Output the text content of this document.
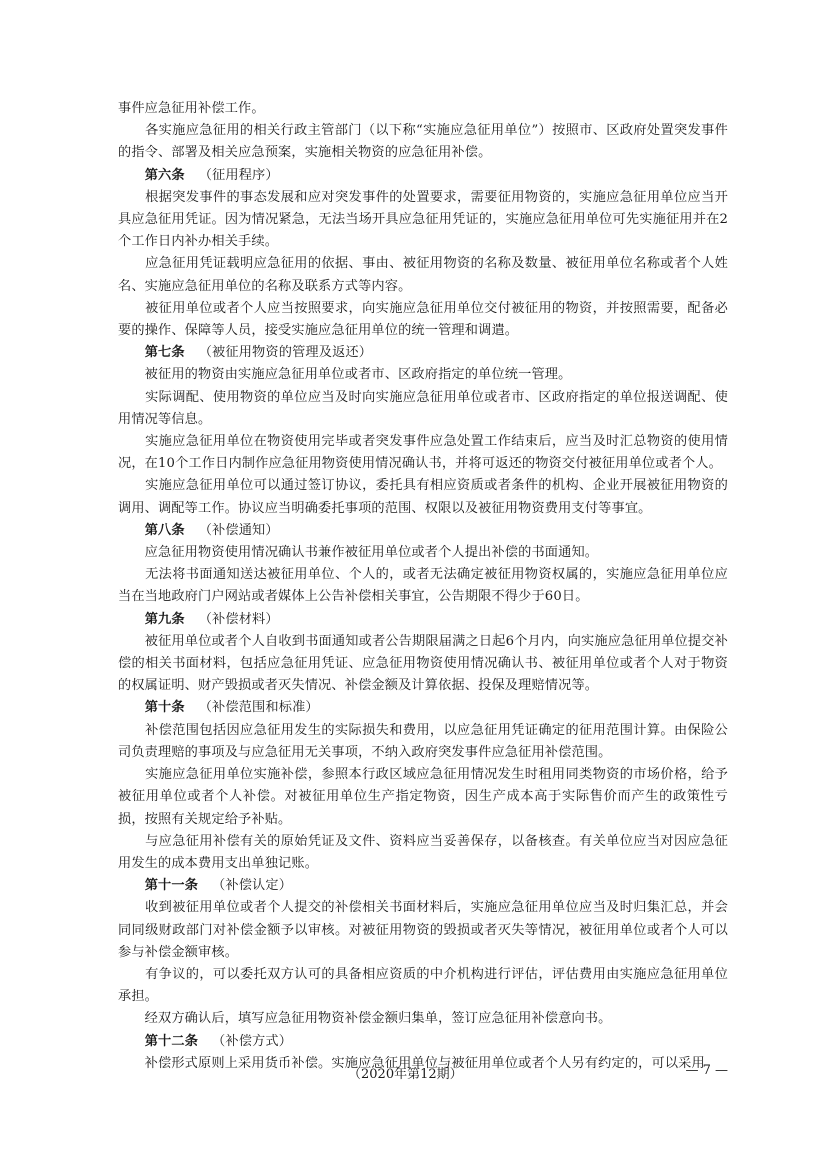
事件应急征用补偿工作。

　　各实施应急征用的相关行政主管部门（以下称“实施应急征用单位”）按照市、区政府处置突发事件的指令、部署及相关应急预案，实施相关物资的应急征用补偿。

　　第六条 （征用程序）

　　根据突发事件的事态发展和应对突发事件的处置要求，需要征用物资的，实施应急征用单位应当开具应急征用凭证。因为情况紧急，无法当场开具应急征用凭证的，实施应急征用单位可先实施征用并在2个工作日内补办相关手续。

　　应急征用凭证载明应急征用的依据、事由、被征用物资的名称及数量、被征用单位名称或者个人姓名、实施应急征用单位的名称及联系方式等内容。

　　被征用单位或者个人应当按照要求，向实施应急征用单位交付被征用的物资，并按照需要，配备必要的操作、保障等人员，接受实施应急征用单位的统一管理和调遣。

　　第七条 （被征用物资的管理及返还）

　　被征用的物资由实施应急征用单位或者市、区政府指定的单位统一管理。

　　实际调配、使用物资的单位应当及时向实施应急征用单位或者市、区政府指定的单位报送调配、使用情况等信息。

　　实施应急征用单位在物资使用完毕或者突发事件应急处置工作结束后，应当及时汇总物资的使用情况，在10个工作日内制作应急征用物资使用情况确认书，并将可返还的物资交付被征用单位或者个人。

　　实施应急征用单位可以通过签订协议，委托具有相应资质或者条件的机构、企业开展被征用物资的调用、调配等工作。协议应当明确委托事项的范围、权限以及被征用物资费用支付等事宜。

　　第八条 （补偿通知）

　　应急征用物资使用情况确认书兼作被征用单位或者个人提出补偿的书面通知。

　　无法将书面通知送达被征用单位、个人的，或者无法确定被征用物资权属的，实施应急征用单位应当在当地政府门户网站或者媒体上公告补偿相关事宜，公告期限不得少于60日。

　　第九条 （补偿材料）

　　被征用单位或者个人自收到书面通知或者公告期限届满之日起6个月内，向实施应急征用单位提交补偿的相关书面材料，包括应急征用凭证、应急征用物资使用情况确认书、被征用单位或者个人对于物资的权属证明、财产毁损或者灭失情况、补偿金额及计算依据、投保及理赔情况等。

　　第十条 （补偿范围和标准）

　　补偿范围包括因应急征用发生的实际损失和费用，以应急征用凭证确定的征用范围计算。由保险公司负责理赔的事项及与应急征用无关事项，不纳入政府突发事件应急征用补偿范围。

　　实施应急征用单位实施补偿，参照本行政区域应急征用情况发生时租用同类物资的市场价格，给予被征用单位或者个人补偿。对被征用单位生产指定物资，因生产成本高于实际售价而产生的政策性亏损，按照有关规定给予补贴。

　　与应急征用补偿有关的原始凭证及文件、资料应当妥善保存，以备核查。有关单位应当对因应急征用发生的成本费用支出单独记账。

　　第十一条 （补偿认定）

　　收到被征用单位或者个人提交的补偿相关书面材料后，实施应急征用单位应当及时归集汇总，并会同同级财政部门对补偿金额予以审核。对被征用物资的毁损或者灭失等情况，被征用单位或者个人可以参与补偿金额审核。

　　有争议的，可以委托双方认可的具备相应资质的中介机构进行评估，评估费用由实施应急征用单位承担。

　　经双方确认后，填写应急征用物资补偿金额归集单，签订应急征用补偿意向书。

　　第十二条 （补偿方式）

　　补偿形式原则上采用货币补偿。实施应急征用单位与被征用单位或者个人另有约定的，可以采用

（2020年第12期）	— 7 —
